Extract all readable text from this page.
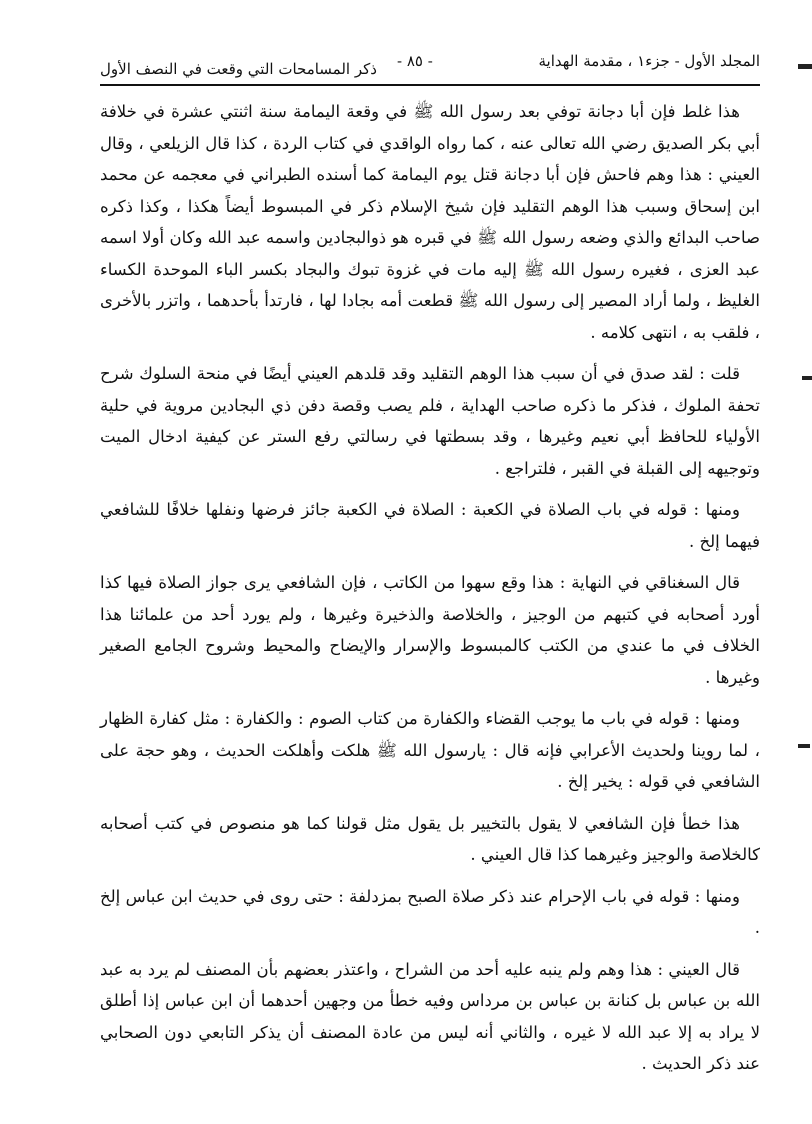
المجلد الأول - جزء١ ، مقدمة الهداية
- ٨٥ -
ذكر المسامحات التي وقعت في النصف الأول

هذا غلط فإن أبا دجانة توفي بعد رسول الله ﷺ في وقعة اليمامة سنة اثنتي عشرة في خلافة أبي بكر الصديق رضي الله تعالى عنه ، كما رواه الواقدي في كتاب الردة ، كذا قال الزيلعي ، وقال العيني : هذا وهم فاحش فإن أبا دجانة قتل يوم اليمامة كما أسنده الطبراني في معجمه عن محمد ابن إسحاق وسبب هذا الوهم التقليد فإن شيخ الإسلام ذكر في المبسوط أيضاً هكذا ، وكذا ذكره صاحب البدائع والذي وضعه رسول الله ﷺ في قبره هو ذوالبجادين واسمه عبد الله وكان أولا اسمه عبد العزى ، فغيره رسول الله ﷺ إليه مات في غزوة تبوك والبجاد بكسر الباء الموحدة الكساء الغليظ ، ولما أراد المصير إلى رسول الله ﷺ قطعت أمه بجادا لها ، فارتدأ بأحدهما ، واتزر بالأخرى ، فلقب به ، انتهى كلامه .

قلت : لقد صدق في أن سبب هذا الوهم التقليد وقد قلدهم العيني أيضًا في منحة السلوك شرح تحفة الملوك ، فذكر ما ذكره صاحب الهداية ، فلم يصب وقصة دفن ذي البجادين مروية في حلية الأولياء للحافظ أبي نعيم وغيرها ، وقد بسطتها في رسالتي رفع الستر عن كيفية ادخال الميت وتوجيهه إلى القبلة في القبر ، فلتراجع .

ومنها : قوله في باب الصلاة في الكعبة : الصلاة في الكعبة جائز فرضها ونفلها خلافًا للشافعي فيهما إلخ .

قال السغناقي في النهاية : هذا وقع سهوا من الكاتب ، فإن الشافعي يرى جواز الصلاة فيها كذا أورد أصحابه في كتبهم من الوجيز ، والخلاصة والذخيرة وغيرها ، ولم يورد أحد من علمائنا هذا الخلاف في ما عندي من الكتب كالمبسوط والإسرار والإيضاح والمحيط وشروح الجامع الصغير وغيرها .

ومنها : قوله في باب ما يوجب القضاء والكفارة من كتاب الصوم : والكفارة : مثل كفارة الظهار ، لما روينا ولحديث الأعرابي فإنه قال : يارسول الله ﷺ هلكت وأهلكت الحديث ، وهو حجة على الشافعي في قوله : يخير إلخ .

هذا خطأ فإن الشافعي لا يقول بالتخيير بل يقول مثل قولنا كما هو منصوص في كتب أصحابه كالخلاصة والوجيز وغيرهما كذا قال العيني .

ومنها : قوله في باب الإحرام عند ذكر صلاة الصبح بمزدلفة : حتى روى في حديث ابن عباس إلخ .

قال العيني : هذا وهم ولم ينبه عليه أحد من الشراح ، واعتذر بعضهم بأن المصنف لم يرد به عبد الله بن عباس بل كنانة بن عباس بن مرداس وفيه خطأ من وجهين أحدهما أن ابن عباس إذا أطلق لا يراد به إلا عبد الله لا غيره ، والثاني أنه ليس من عادة المصنف أن يذكر التابعي دون الصحابي عند ذكر الحديث .
